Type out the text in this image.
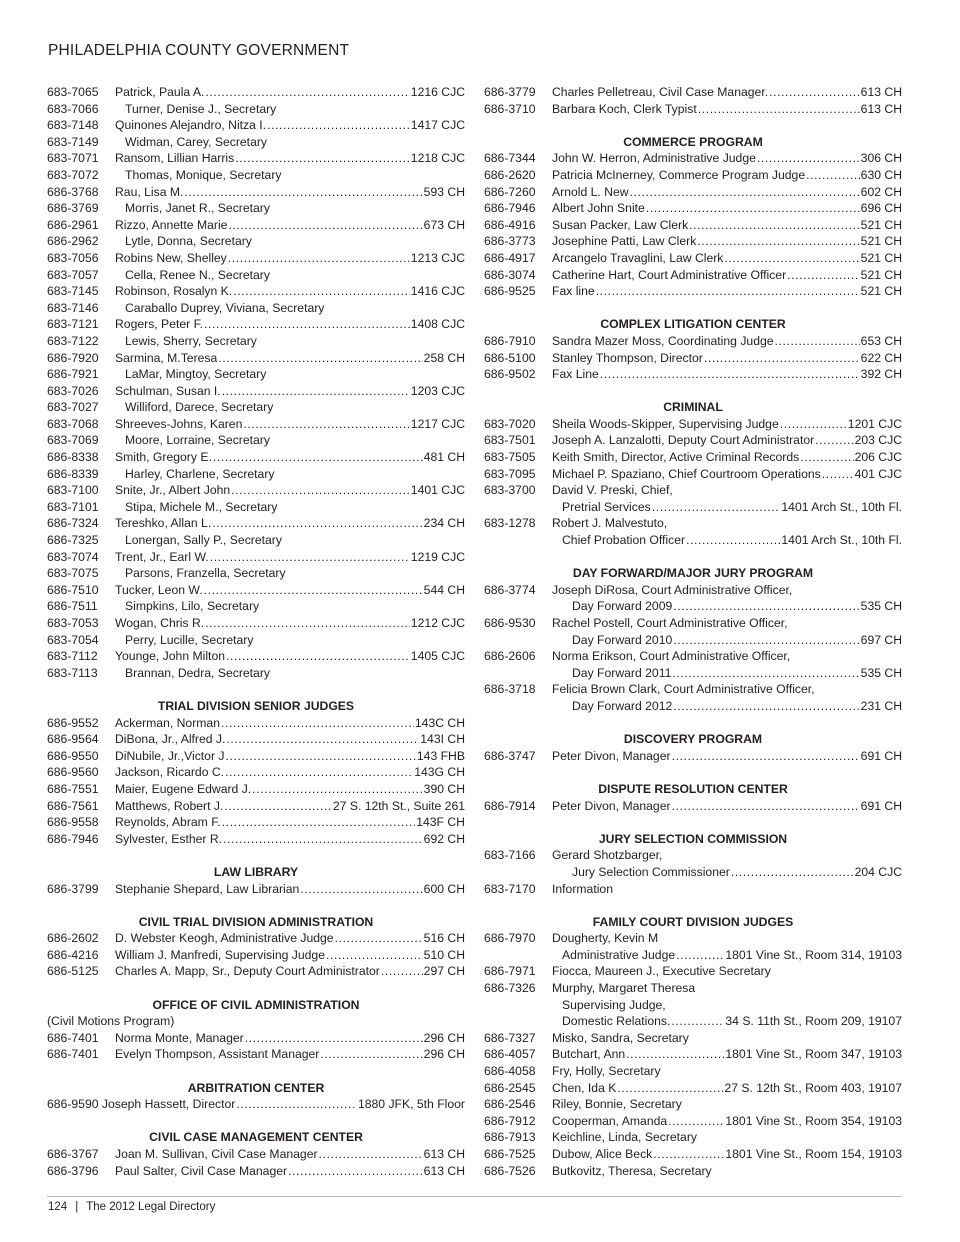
PHILADELPHIA COUNTY GOVERNMENT
683-7065	Patrick, Paula A. .....	1216 CJC
683-7066	Turner, Denise J., Secretary
683-7148	Quinones Alejandro, Nitza I. .....	1417 CJC
683-7149	Widman, Carey, Secretary
683-7071	Ransom, Lillian Harris .....	1218 CJC
683-7072	Thomas, Monique, Secretary
686-3768	Rau, Lisa M. .....	593 CH
686-3769	Morris, Janet R., Secretary
686-2961	Rizzo, Annette Marie .....	673 CH
686-2962	Lytle, Donna, Secretary
683-7056	Robins New, Shelley .....	1213 CJC
683-7057	Cella, Renee N., Secretary
683-7145	Robinson, Rosalyn K. .....	1416 CJC
683-7146	Caraballo Duprey, Viviana, Secretary
683-7121	Rogers, Peter F. .....	1408 CJC
683-7122	Lewis, Sherry, Secretary
686-7920	Sarmina, M.Teresa .....	258 CH
686-7921	LaMar, Mingtoy, Secretary
683-7026	Schulman, Susan I. .....	1203 CJC
683-7027	Williford, Darece, Secretary
683-7068	Shreeves-Johns, Karen .....	1217 CJC
683-7069	Moore, Lorraine, Secretary
686-8338	Smith, Gregory E. .....	481 CH
686-8339	Harley, Charlene, Secretary
683-7100	Snite, Jr., Albert John .....	1401 CJC
683-7101	Stipa, Michele M., Secretary
686-7324	Tereshko, Allan L. .....	234 CH
686-7325	Lonergan, Sally P., Secretary
683-7074	Trent, Jr., Earl W. .....	1219 CJC
683-7075	Parsons, Franzella, Secretary
686-7510	Tucker, Leon W. .....	544 CH
686-7511	Simpkins, Lilo, Secretary
683-7053	Wogan, Chris R. .....	1212 CJC
683-7054	Perry, Lucille, Secretary
683-7112	Younge, John Milton .....	1405 CJC
683-7113	Brannan, Dedra, Secretary
TRIAL DIVISION SENIOR JUDGES
686-9552	Ackerman, Norman .....	143C CH
686-9564	DiBona, Jr., Alfred J. .....	143I CH
686-9550	DiNubile, Jr.,Victor J .....	143 FHB
686-9560	Jackson, Ricardo C. .....	143G CH
686-7551	Maier, Eugene Edward J. .....	390 CH
686-7561	Matthews, Robert J. .....	27 S. 12th St., Suite 261
686-9558	Reynolds, Abram F. .....	143F CH
686-7946	Sylvester, Esther R. .....	692 CH
LAW LIBRARY
686-3799	Stephanie Shepard, Law Librarian .....	600 CH
CIVIL TRIAL DIVISION ADMINISTRATION
686-2602	D. Webster Keogh, Administrative Judge .....	516 CH
686-4216	William J. Manfredi, Supervising Judge .....	510 CH
686-5125	Charles A. Mapp, Sr., Deputy Court Administrator .....	297 CH
OFFICE OF CIVIL ADMINISTRATION
(Civil Motions Program)
686-7401	Norma Monte, Manager .....	296 CH
686-7401	Evelyn Thompson, Assistant Manager .....	296 CH
ARBITRATION CENTER
686-9590 Joseph Hassett, Director .....	1880 JFK, 5th Floor
CIVIL CASE MANAGEMENT CENTER
686-3767	Joan M. Sullivan, Civil Case Manager .....	613 CH
686-3796	Paul Salter, Civil Case Manager .....	613 CH
686-3779	Charles Pelletreau, Civil Case Manager. .....	613 CH
686-3710	Barbara Koch, Clerk Typist .....	613 CH
COMMERCE PROGRAM
686-7344	John W. Herron, Administrative Judge .....	306 CH
686-2620	Patricia McInerney, Commerce Program Judge .....	630 CH
686-7260	Arnold L. New .....	602 CH
686-7946	Albert John Snite .....	696 CH
686-4916	Susan Packer, Law Clerk .....	521 CH
686-3773	Josephine Patti, Law Clerk .....	521 CH
686-4917	Arcangelo Travaglini, Law Clerk .....	521 CH
686-3074	Catherine Hart, Court Administrative Officer .....	521 CH
686-9525	Fax line .....	521 CH
COMPLEX LITIGATION CENTER
686-7910	Sandra Mazer Moss, Coordinating Judge .....	653 CH
686-5100	Stanley Thompson, Director .....	622 CH
686-9502	Fax Line .....	392 CH
CRIMINAL
683-7020	Sheila Woods-Skipper, Supervising Judge .....	1201 CJC
683-7501	Joseph A. Lanzalotti, Deputy Court Administrator .....	203 CJC
683-7505	Keith Smith, Director, Active Criminal Records .....	206 CJC
683-7095	Michael P. Spaziano, Chief Courtroom Operations .....	401 CJC
683-3700	David V. Preski, Chief,
Pretrial Services .....	1401 Arch St., 10th Fl.
683-1278	Robert J. Malvestuto,
Chief Probation Officer .....	1401 Arch St., 10th Fl.
DAY FORWARD/MAJOR JURY PROGRAM
686-3774	Joseph DiRosa, Court Administrative Officer,
Day Forward 2009 .....	535 CH
686-9530	Rachel Postell, Court Administrative Officer,
Day Forward 2010 .....	697 CH
686-2606	Norma Erikson, Court Administrative Officer,
Day Forward 2011 .....	535 CH
686-3718	Felicia Brown Clark, Court Administrative Officer,
Day Forward 2012 .....	231 CH
DISCOVERY PROGRAM
686-3747	Peter Divon, Manager .....	691 CH
DISPUTE RESOLUTION CENTER
686-7914	Peter Divon, Manager .....	691 CH
JURY SELECTION COMMISSION
683-7166	Gerard Shotzbarger,
Jury Selection Commissioner .....	204 CJC
683-7170	Information
FAMILY COURT DIVISION JUDGES
686-7970	Dougherty, Kevin M
Administrative Judge .....	1801 Vine St., Room 314, 19103
686-7971	Fiocca, Maureen J., Executive Secretary
686-7326	Murphy, Margaret Theresa
Supervising Judge,
Domestic Relations. .....	34 S. 11th St., Room 209, 19107
686-7327	Misko, Sandra, Secretary
686-4057	Butchart, Ann .....	1801 Vine St., Room 347, 19103
686-4058	Fry, Holly, Secretary
686-2545	Chen, Ida K .....	27 S. 12th St., Room 403, 19107
686-2546	Riley, Bonnie, Secretary
686-7912	Cooperman, Amanda .....	1801 Vine St., Room 354, 19103
686-7913	Keichline, Linda, Secretary
686-7525	Dubow, Alice Beck .....	1801 Vine St., Room 154, 19103
686-7526	Butkovitz, Theresa, Secretary
124 | The 2012 Legal Directory
